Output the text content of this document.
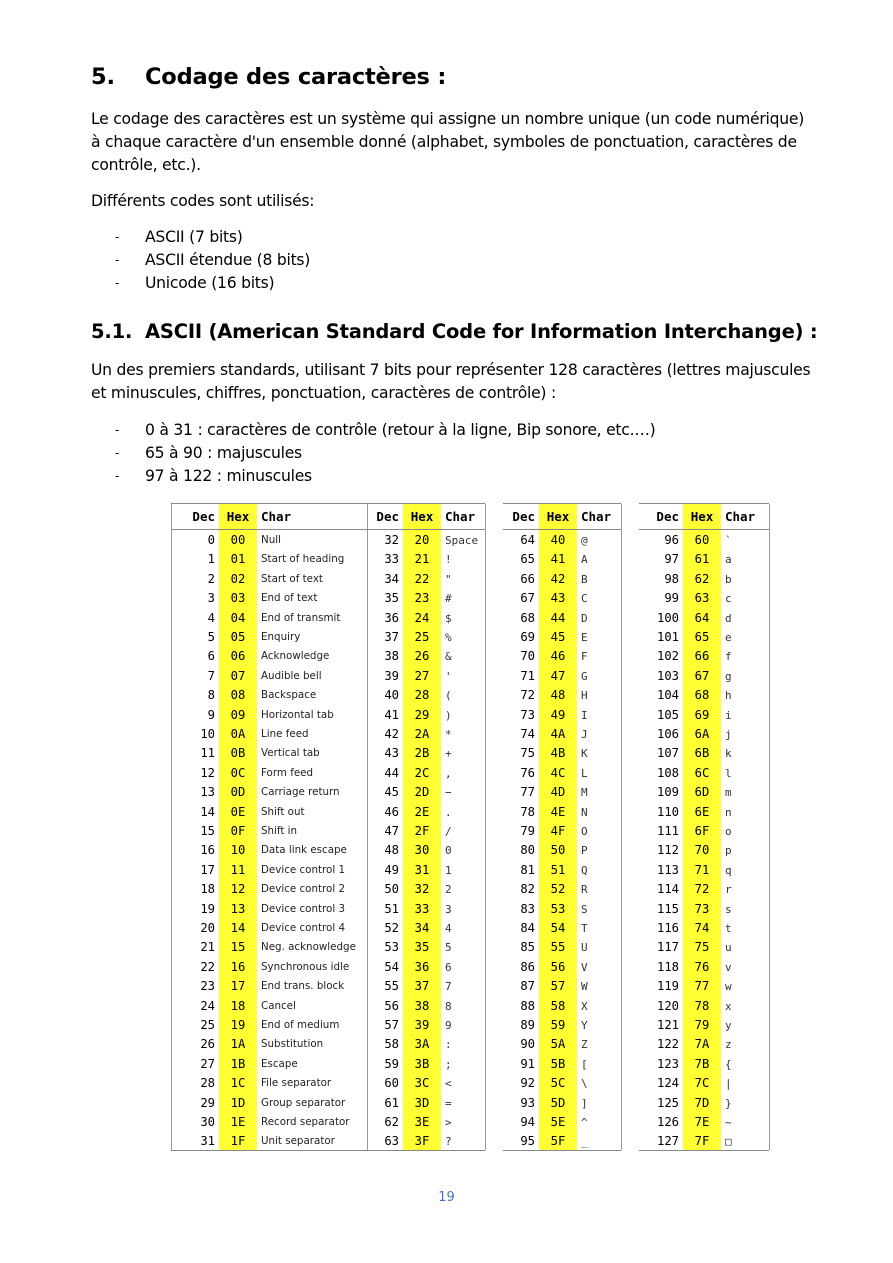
5. Codage des caractères :
Le codage des caractères est un système qui assigne un nombre unique (un code numérique) à chaque caractère d'un ensemble donné (alphabet, symboles de ponctuation, caractères de contrôle, etc.).
Différents codes sont utilisés:
- ASCII (7 bits)
- ASCII étendue (8 bits)
- Unicode (16 bits)
5.1. ASCII (American Standard Code for Information Interchange) :
Un des premiers standards, utilisant 7 bits pour représenter 128 caractères (lettres majuscules et minuscules, chiffres, ponctuation, caractères de contrôle) :
- 0 à 31 : caractères de contrôle (retour à la ligne, Bip sonore, etc.…)
- 65 à 90 : majuscules
- 97 à 122 : minuscules
Dec Hex Char
0	00	Null
1	01	Start of heading
2	02	Start of text
3	03	End of text
4	04	End of transmit
5	05	Enquiry
6	06	Acknowledge
7	07	Audible bell
8	08	Backspace
9	09	Horizontal tab
10	0A	Line feed
11	0B	Vertical tab
12	0C	Form feed
13	0D	Carriage return
14	0E	Shift out
15	0F	Shift in
16	10	Data link escape
17	11	Device control 1
18	12	Device control 2
19	13	Device control 3
20	14	Device control 4
21	15	Neg. acknowledge
22	16	Synchronous idle
23	17	End trans. block
24	18	Cancel
25	19	End of medium
26	1A	Substitution
27	1B	Escape
28	1C	File separator
29	1D	Group separator
30	1E	Record separator
31	1F	Unit separator
Dec Hex Char
32	20	Space
33	21	!
34	22	"
35	23	#
36	24	$
37	25	%
38	26	&
39	27	'
40	28	(
41	29	)
42	2A	*
43	2B	+
44	2C	,
45	2D	−
46	2E	.
47	2F	/
48	30	0
49	31	1
50	32	2
51	33	3
52	34	4
53	35	5
54	36	6
55	37	7
56	38	8
57	39	9
58	3A	:
59	3B	;
60	3C	<
61	3D	=
62	3E	>
63	3F	?
Dec Hex Char
64	40	@
65	41	A
66	42	B
67	43	C
68	44	D
69	45	E
70	46	F
71	47	G
72	48	H
73	49	I
74	4A	J
75	4B	K
76	4C	L
77	4D	M
78	4E	N
79	4F	O
80	50	P
81	51	Q
82	52	R
83	53	S
84	54	T
85	55	U
86	56	V
87	57	W
88	58	X
89	59	Y
90	5A	Z
91	5B	[
92	5C	\
93	5D	]
94	5E	^
95	5F	_
Dec Hex Char
96	60	`
97	61	a
98	62	b
99	63	c
100	64	d
101	65	e
102	66	f
103	67	g
104	68	h
105	69	i
106	6A	j
107	6B	k
108	6C	l
109	6D	m
110	6E	n
111	6F	o
112	70	p
113	71	q
114	72	r
115	73	s
116	74	t
117	75	u
118	76	v
119	77	w
120	78	x
121	79	y
122	7A	z
123	7B	{
124	7C	|
125	7D	}
126	7E	~
127	7F	□
19
